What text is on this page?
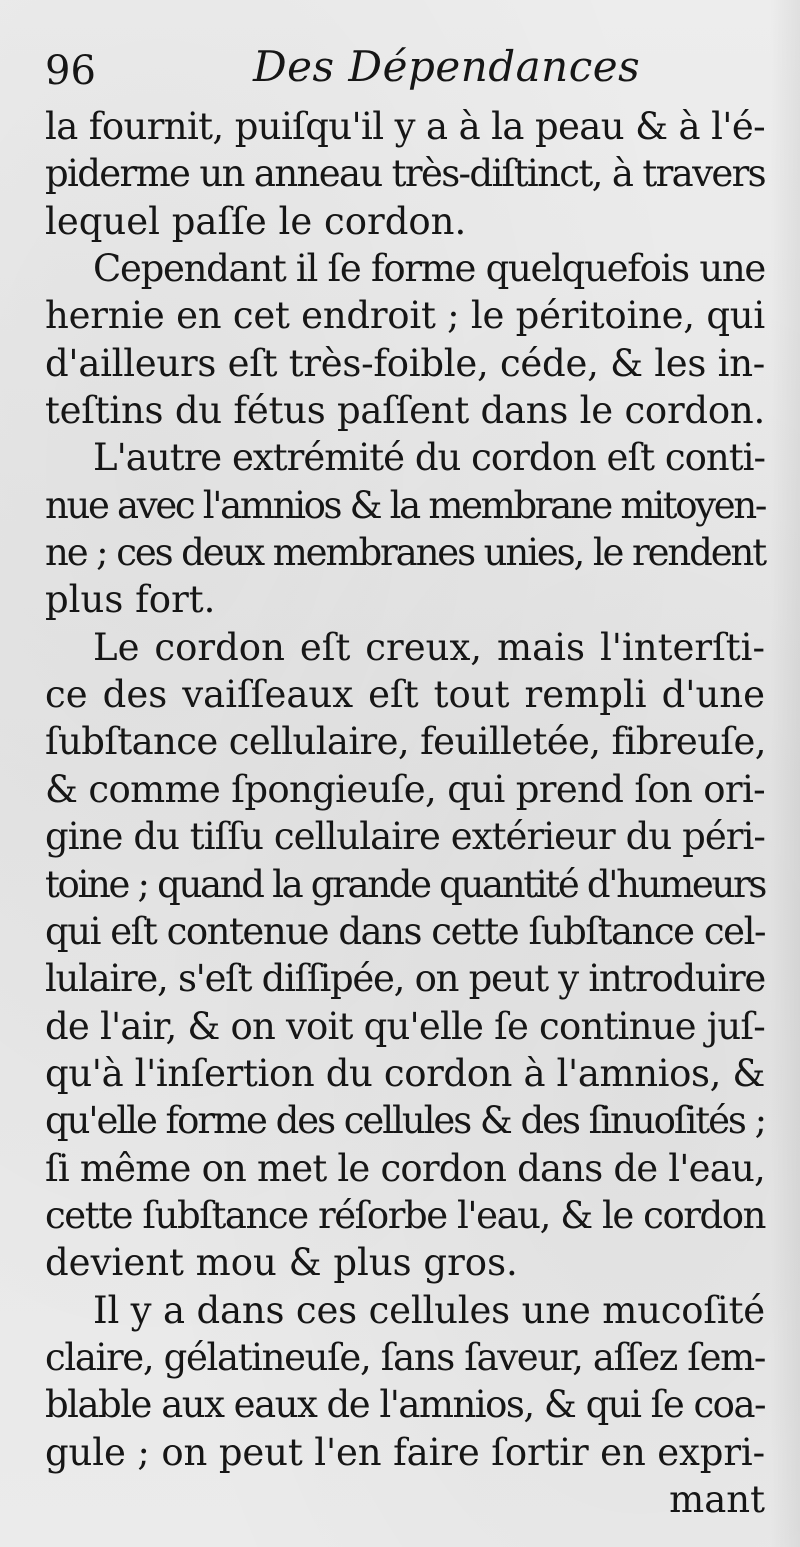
96	Des Dépendances
la fournit, puiſqu'il y a à la peau & à l'é-
piderme un anneau très-diſtinct, à travers
lequel paſſe le cordon.
Cependant il ſe forme quelquefois une
hernie en cet endroit ; le péritoine, qui
d'ailleurs eſt très-foible, céde, & les in-
teſtins du fétus paſſent dans le cordon.
L'autre extrémité du cordon eſt conti-
nue avec l'amnios & la membrane mitoyen-
ne ; ces deux membranes unies, le rendent
plus fort.
Le cordon eſt creux, mais l'interſti-
ce des vaiſſeaux eſt tout rempli d'une
ſubſtance cellulaire, feuilletée, fibreuſe,
& comme ſpongieuſe, qui prend ſon ori-
gine du tiſſu cellulaire extérieur du péri-
toine ; quand la grande quantité d'humeurs
qui eſt contenue dans cette ſubſtance cel-
lulaire, s'eſt diſſipée, on peut y introduire
de l'air, & on voit qu'elle ſe continue juſ-
qu'à l'inſertion du cordon à l'amnios, &
qu'elle forme des cellules & des ſinuoſités ;
ſi même on met le cordon dans de l'eau,
cette ſubſtance réſorbe l'eau, & le cordon
devient mou & plus gros.
Il y a dans ces cellules une mucoſité
claire, gélatineuſe, ſans ſaveur, aſſez ſem-
blable aux eaux de l'amnios, & qui ſe coa-
gule ; on peut l'en faire ſortir en expri-
mant
